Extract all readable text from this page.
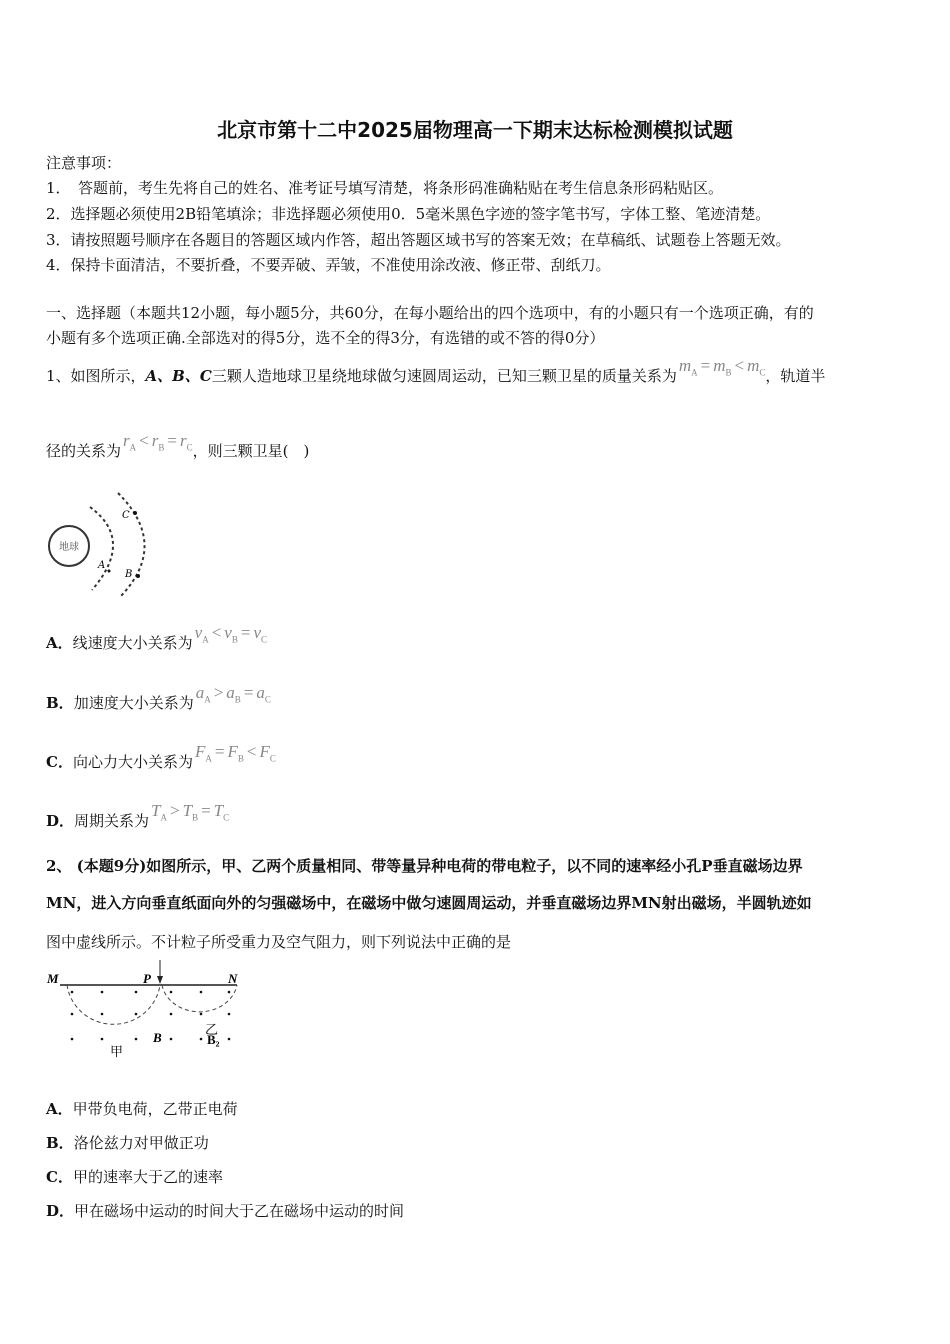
北京市第十二中2025届物理高一下期末达标检测模拟试题
注意事项：
1．　答题前，考生先将自己的姓名、准考证号填写清楚，将条形码准确粘贴在考生信息条形码粘贴区。
2．选择题必须使用2B铅笔填涂；非选择题必须使用0．5毫米黑色字迹的签字笔书写，字体工整、笔迹清楚。
3．请按照题号顺序在各题目的答题区域内作答，超出答题区域书写的答案无效；在草稿纸、试题卷上答题无效。
4．保持卡面清洁，不要折叠，不要弄破、弄皱，不准使用涂改液、修正带、刮纸刀。
一、选择题（本题共12小题，每小题5分，共60分，在每小题给出的四个选项中，有的小题只有一个选项正确，有的
小题有多个选项正确.全部选对的得5分，选不全的得3分，有选错的或不答的得0分）
1、如图所示，A、B、C三颗人造地球卫星绕地球做匀速圆周运动，已知三颗卫星的质量关系为$m_A = m_B < m_C$，轨道半
径的关系为$r_A < r_B = r_C$，则三颗卫星(　)
地球
A
B
C
A．线速度大小关系为$v_A < v_B = v_C$
B．加速度大小关系为$a_A > a_B = a_C$
C．向心力大小关系为$F_A = F_B < F_C$
D．周期关系为$T_A > T_B = T_C$
2、 (本题9分)如图所示，甲、乙两个质量相同、带等量异种电荷的带电粒子，以不同的速率经小孔P垂直磁场边界
MN，进入方向垂直纸面向外的匀强磁场中，在磁场中做匀速圆周运动，并垂直磁场边界MN射出磁场，半圆轨迹如
图中虚线所示。不计粒子所受重力及空气阻力，则下列说法中正确的是
M	P	N
B
甲
乙
B₂
A．甲带负电荷，乙带正电荷
B．洛伦兹力对甲做正功
C．甲的速率大于乙的速率
D．甲在磁场中运动的时间大于乙在磁场中运动的时间
